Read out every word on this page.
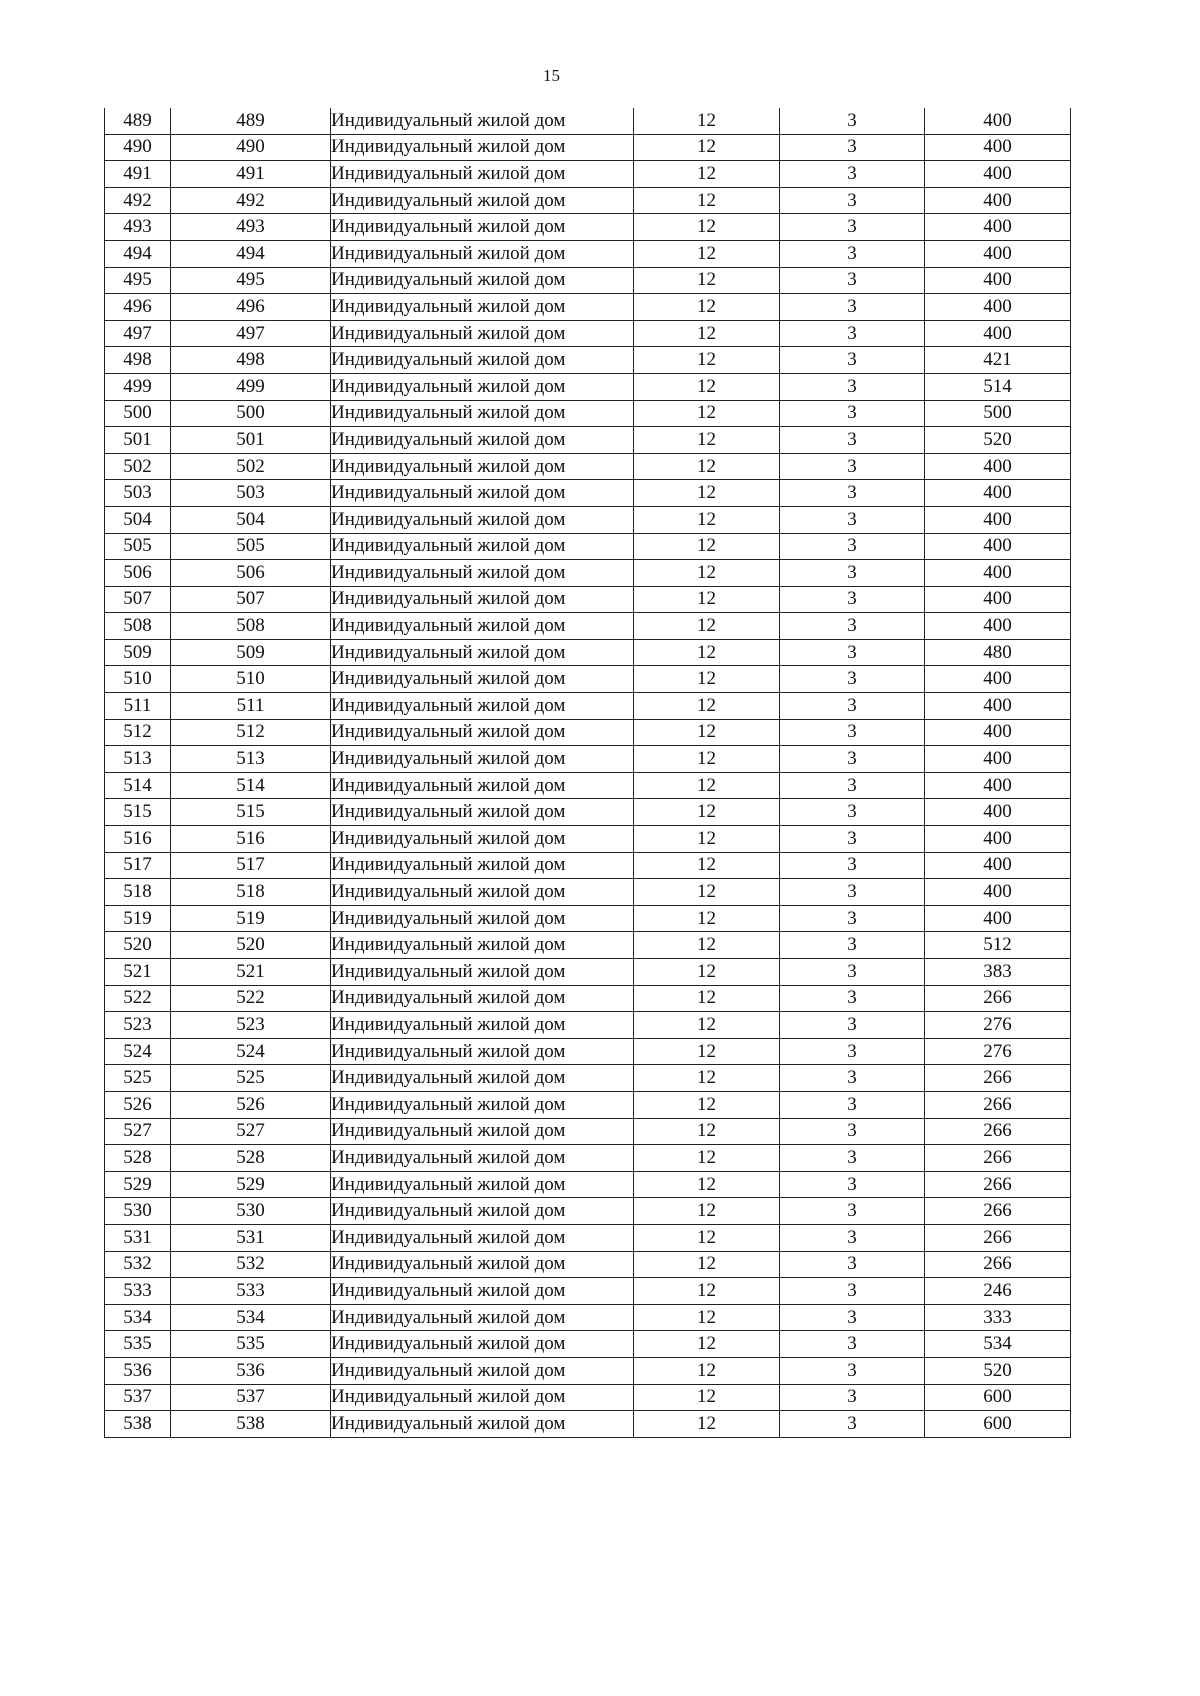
15
489	489	Индивидуальный жилой дом	12	3	400
490	490	Индивидуальный жилой дом	12	3	400
491	491	Индивидуальный жилой дом	12	3	400
492	492	Индивидуальный жилой дом	12	3	400
493	493	Индивидуальный жилой дом	12	3	400
494	494	Индивидуальный жилой дом	12	3	400
495	495	Индивидуальный жилой дом	12	3	400
496	496	Индивидуальный жилой дом	12	3	400
497	497	Индивидуальный жилой дом	12	3	400
498	498	Индивидуальный жилой дом	12	3	421
499	499	Индивидуальный жилой дом	12	3	514
500	500	Индивидуальный жилой дом	12	3	500
501	501	Индивидуальный жилой дом	12	3	520
502	502	Индивидуальный жилой дом	12	3	400
503	503	Индивидуальный жилой дом	12	3	400
504	504	Индивидуальный жилой дом	12	3	400
505	505	Индивидуальный жилой дом	12	3	400
506	506	Индивидуальный жилой дом	12	3	400
507	507	Индивидуальный жилой дом	12	3	400
508	508	Индивидуальный жилой дом	12	3	400
509	509	Индивидуальный жилой дом	12	3	480
510	510	Индивидуальный жилой дом	12	3	400
511	511	Индивидуальный жилой дом	12	3	400
512	512	Индивидуальный жилой дом	12	3	400
513	513	Индивидуальный жилой дом	12	3	400
514	514	Индивидуальный жилой дом	12	3	400
515	515	Индивидуальный жилой дом	12	3	400
516	516	Индивидуальный жилой дом	12	3	400
517	517	Индивидуальный жилой дом	12	3	400
518	518	Индивидуальный жилой дом	12	3	400
519	519	Индивидуальный жилой дом	12	3	400
520	520	Индивидуальный жилой дом	12	3	512
521	521	Индивидуальный жилой дом	12	3	383
522	522	Индивидуальный жилой дом	12	3	266
523	523	Индивидуальный жилой дом	12	3	276
524	524	Индивидуальный жилой дом	12	3	276
525	525	Индивидуальный жилой дом	12	3	266
526	526	Индивидуальный жилой дом	12	3	266
527	527	Индивидуальный жилой дом	12	3	266
528	528	Индивидуальный жилой дом	12	3	266
529	529	Индивидуальный жилой дом	12	3	266
530	530	Индивидуальный жилой дом	12	3	266
531	531	Индивидуальный жилой дом	12	3	266
532	532	Индивидуальный жилой дом	12	3	266
533	533	Индивидуальный жилой дом	12	3	246
534	534	Индивидуальный жилой дом	12	3	333
535	535	Индивидуальный жилой дом	12	3	534
536	536	Индивидуальный жилой дом	12	3	520
537	537	Индивидуальный жилой дом	12	3	600
538	538	Индивидуальный жилой дом	12	3	600
